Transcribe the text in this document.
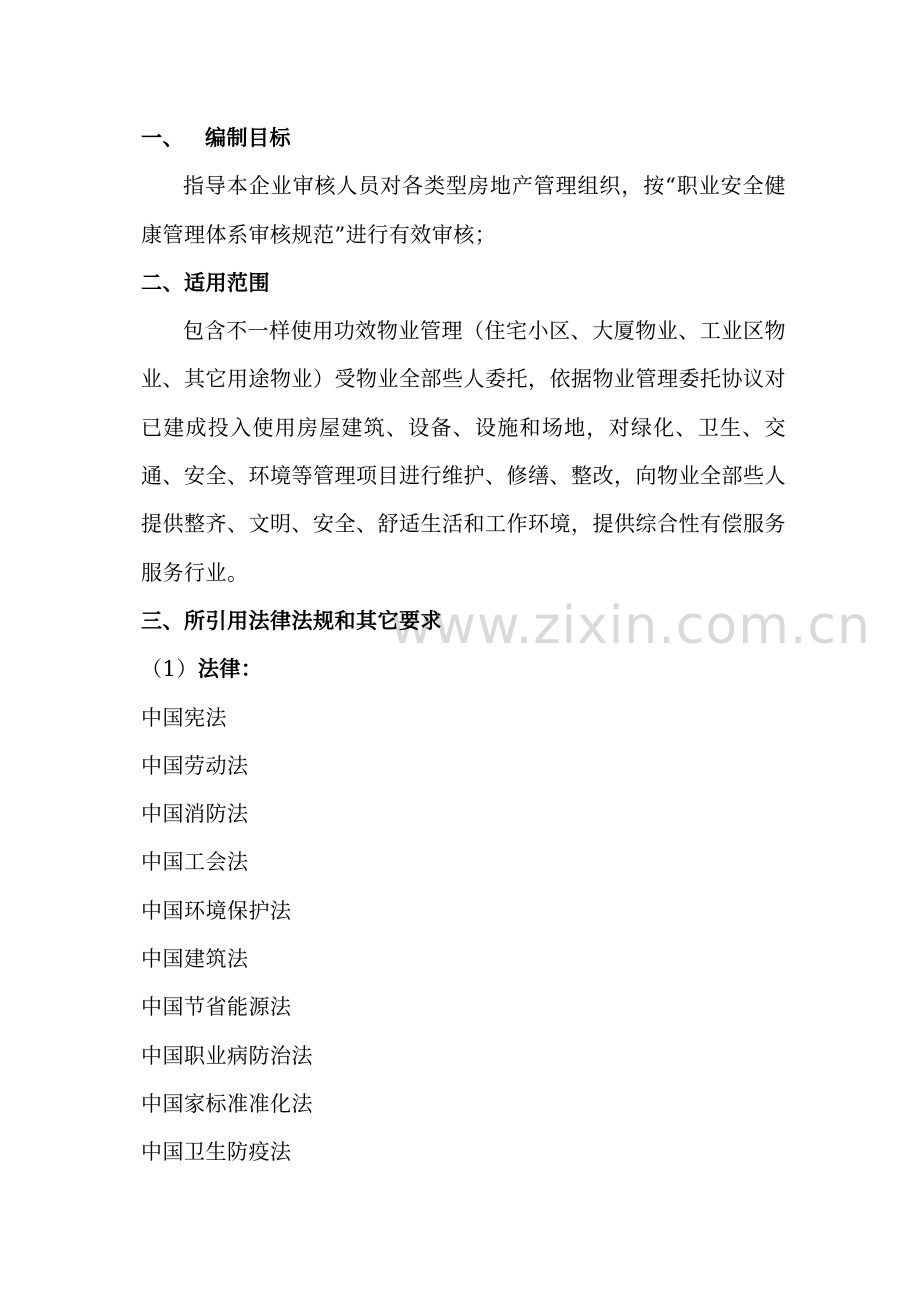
www.zixin.com.cn

一、 编制目标

指导本企业审核人员对各类型房地产管理组织，按“职业安全健康管理体系审核规范”进行有效审核；

二、适用范围

包含不一样使用功效物业管理（住宅小区、大厦物业、工业区物业、其它用途物业）受物业全部些人委托，依据物业管理委托协议对已建成投入使用房屋建筑、设备、设施和场地，对绿化、卫生、交通、安全、环境等管理项目进行维护、修缮、整改，向物业全部些人提供整齐、文明、安全、舒适生活和工作环境，提供综合性有偿服务服务行业。

三、所引用法律法规和其它要求

（1）法律：

中国宪法
中国劳动法
中国消防法
中国工会法
中国环境保护法
中国建筑法
中国节省能源法
中国职业病防治法
中国家标准准化法
中国卫生防疫法
